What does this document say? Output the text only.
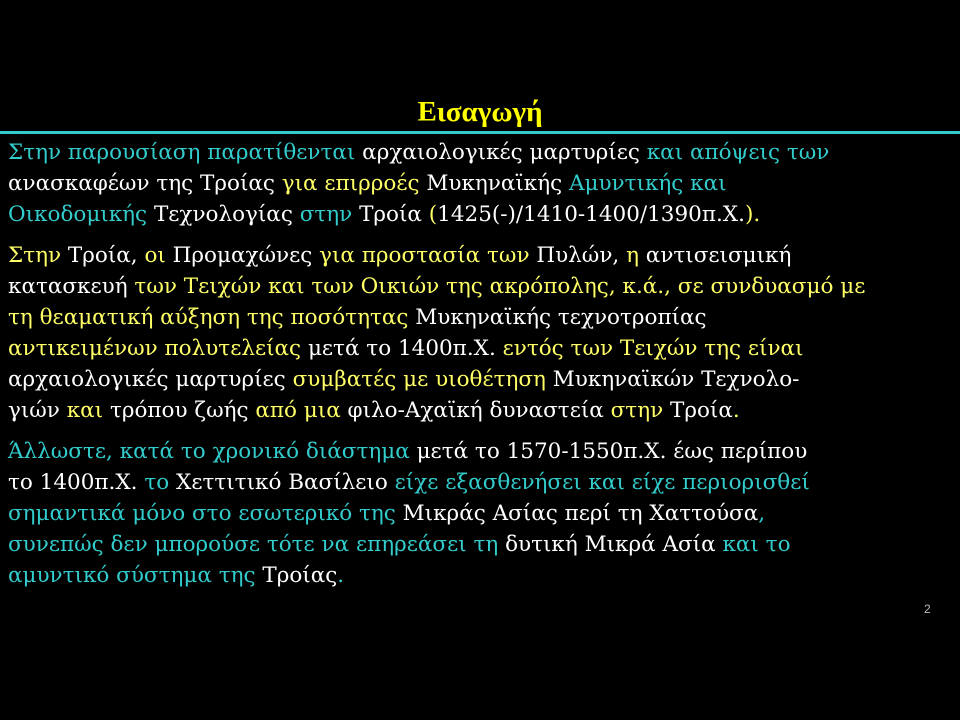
Εισαγωγή
Στην παρουσίαση παρατίθενται αρχαιολογικές μαρτυρίες και απόψεις των
ανασκαφέων της Τροίας για επιρροές Μυκηναϊκής Αμυντικής και
Οικοδομικής Τεχνολογίας στην Τροία (1425(-)/1410-1400/1390π.Χ.).
Στην Τροία, οι Προμαχώνες για προστασία των Πυλών, η αντισεισμική
κατασκευή των Τειχών και των Οικιών της ακρόπολης, κ.ά., σε συνδυασμό με
τη θεαματική αύξηση της ποσότητας Μυκηναϊκής τεχνοτροπίας
αντικειμένων πολυτελείας μετά το 1400π.Χ. εντός των Τειχών της είναι
αρχαιολογικές μαρτυρίες συμβατές με υιοθέτηση Μυκηναϊκών Τεχνολο-
γιών και τρόπου ζωής από μια φιλο-Αχαϊκή δυναστεία στην Τροία.
Άλλωστε, κατά το χρονικό διάστημα μετά το 1570-1550π.Χ. έως περίπου
το 1400π.Χ. το Χεττιτικό Βασίλειο είχε εξασθενήσει και είχε περιορισθεί
σημαντικά μόνο στο εσωτερικό της Μικράς Ασίας περί τη Χαττούσα,
συνεπώς δεν μπορούσε τότε να επηρεάσει τη δυτική Μικρά Ασία και το
αμυντικό σύστημα της Τροίας.
2
